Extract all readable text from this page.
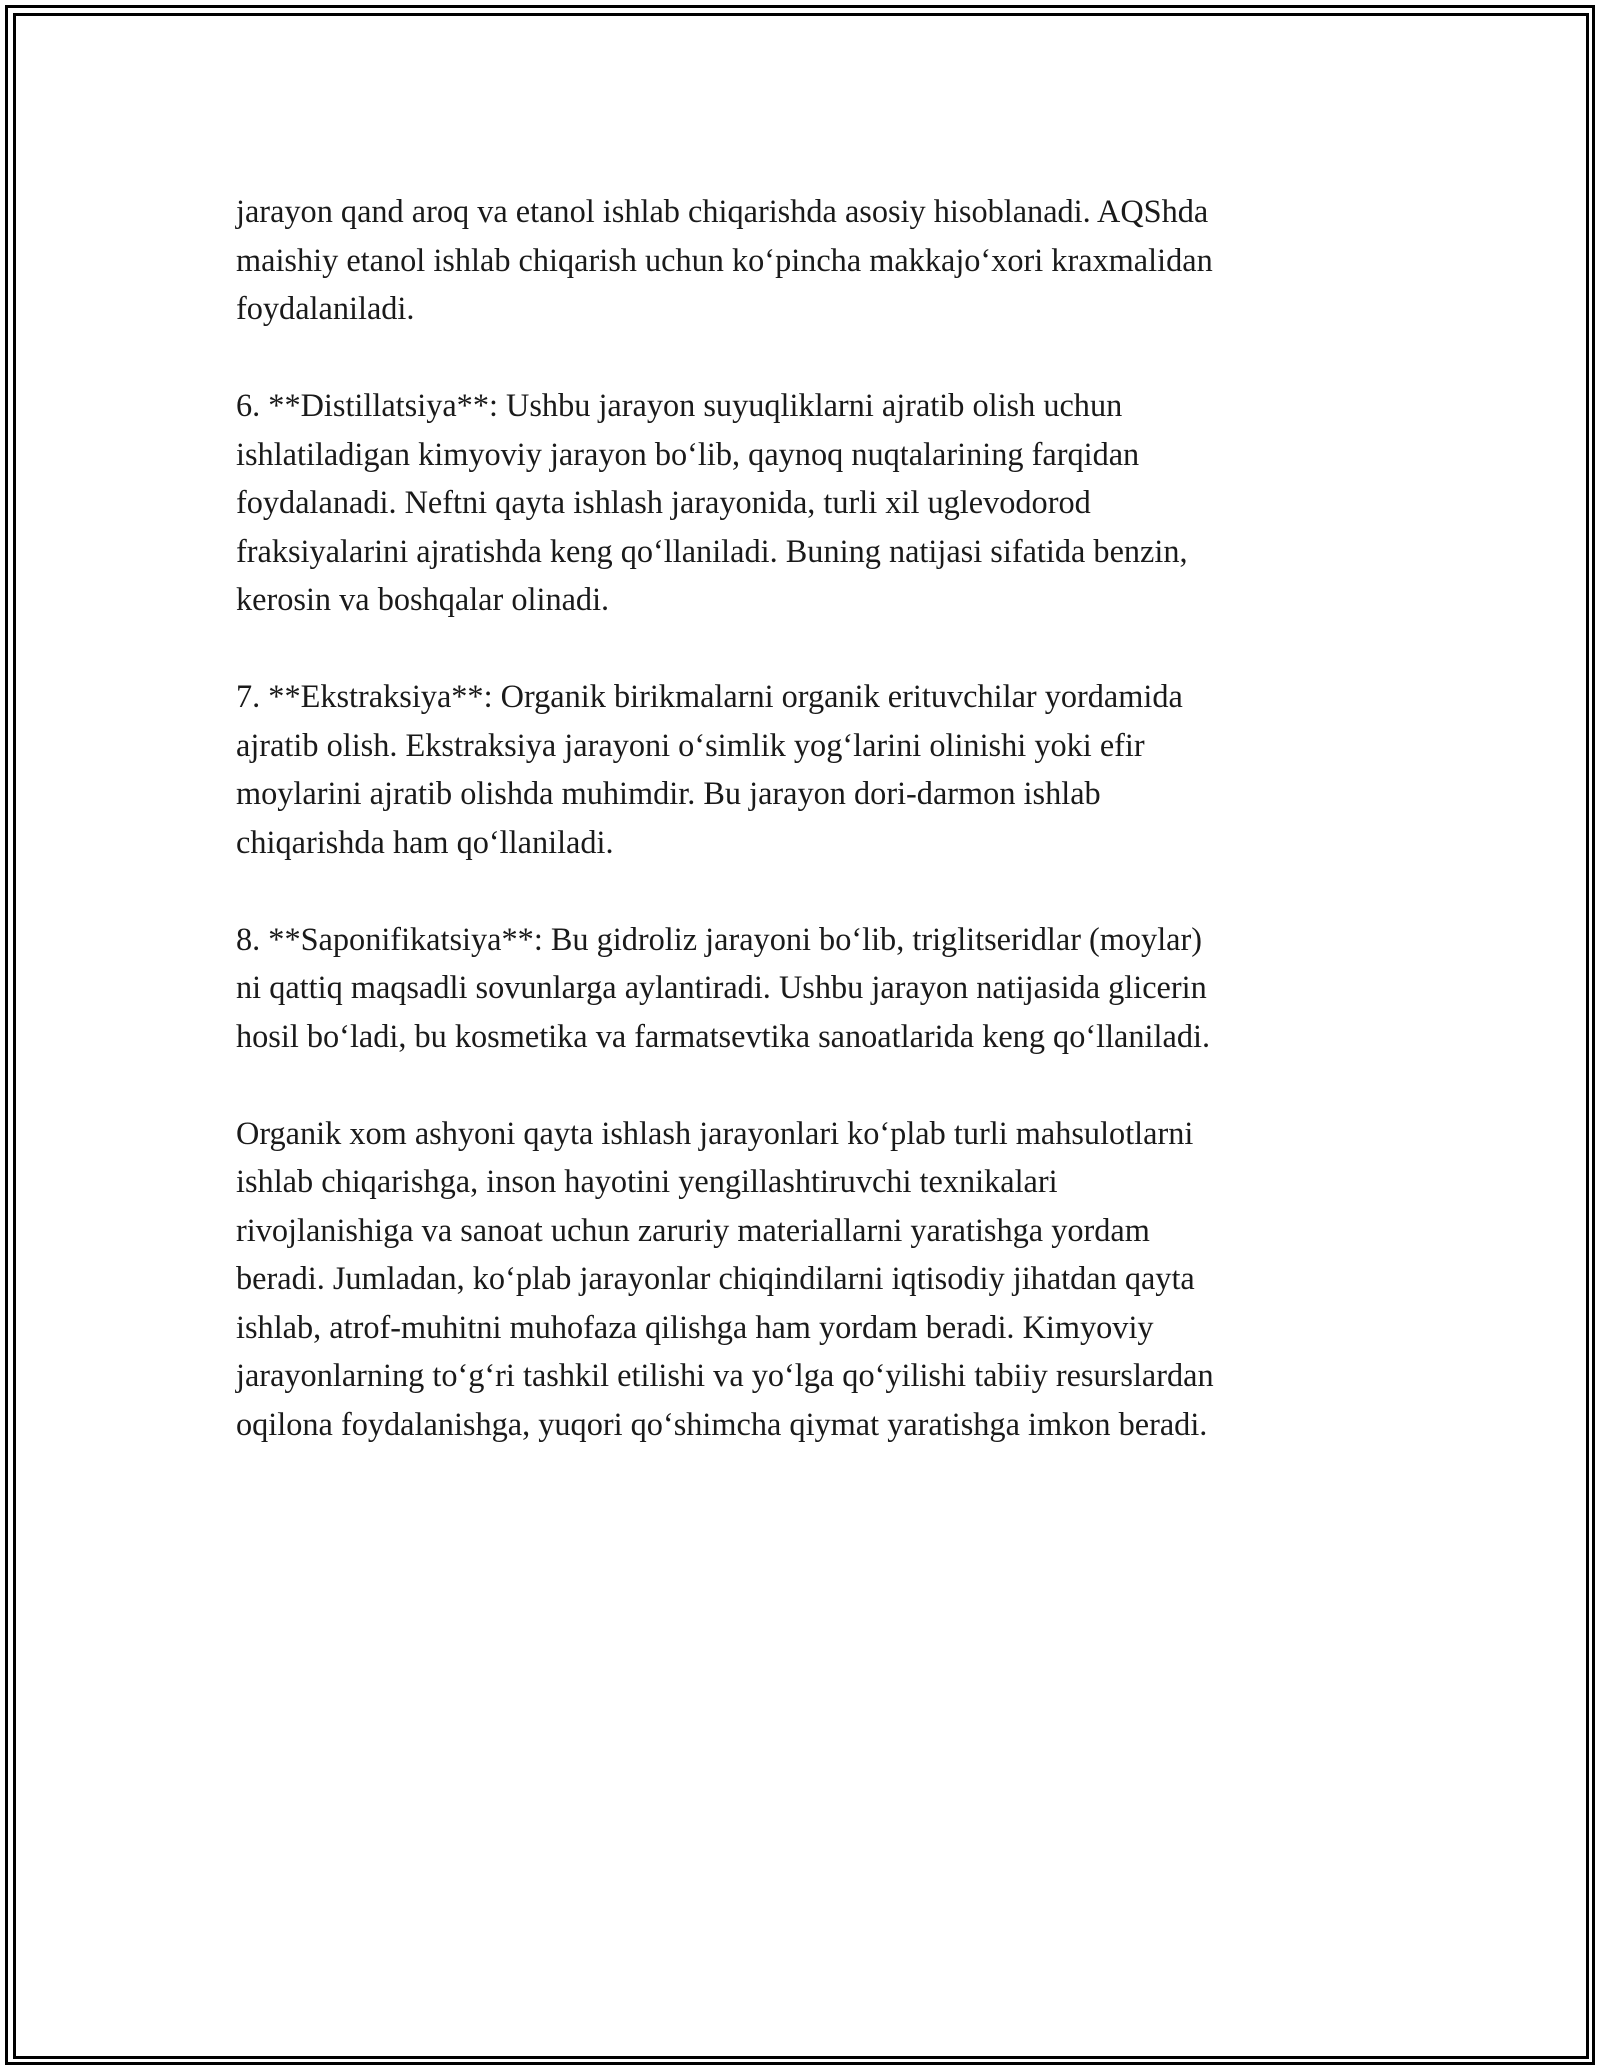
jarayon qand aroq va etanol ishlab chiqarishda asosiy hisoblanadi. AQShda
maishiy etanol ishlab chiqarish uchun ko‘pincha makkajo‘xori kraxmalidan
foydalaniladi.

6. **Distillatsiya**: Ushbu jarayon suyuqliklarni ajratib olish uchun
ishlatiladigan kimyoviy jarayon bo‘lib, qaynoq nuqtalarining farqidan
foydalanadi. Neftni qayta ishlash jarayonida, turli xil uglevodorod
fraksiyalarini ajratishda keng qo‘llaniladi. Buning natijasi sifatida benzin,
kerosin va boshqalar olinadi.

7. **Ekstraksiya**: Organik birikmalarni organik erituvchilar yordamida
ajratib olish. Ekstraksiya jarayoni o‘simlik yog‘larini olinishi yoki efir
moylarini ajratib olishda muhimdir. Bu jarayon dori-darmon ishlab
chiqarishda ham qo‘llaniladi.

8. **Saponifikatsiya**: Bu gidroliz jarayoni bo‘lib, triglitseridlar (moylar)
ni qattiq maqsadli sovunlarga aylantiradi. Ushbu jarayon natijasida glicerin
hosil bo‘ladi, bu kosmetika va farmatsevtika sanoatlarida keng qo‘llaniladi.

Organik xom ashyoni qayta ishlash jarayonlari ko‘plab turli mahsulotlarni
ishlab chiqarishga, inson hayotini yengillashtiruvchi texnikalari
rivojlanishiga va sanoat uchun zaruriy materiallarni yaratishga yordam
beradi. Jumladan, ko‘plab jarayonlar chiqindilarni iqtisodiy jihatdan qayta
ishlab, atrof-muhitni muhofaza qilishga ham yordam beradi. Kimyoviy
jarayonlarning to‘g‘ri tashkil etilishi va yo‘lga qo‘yilishi tabiiy resurslardan
oqilona foydalanishga, yuqori qo‘shimcha qiymat yaratishga imkon beradi.
